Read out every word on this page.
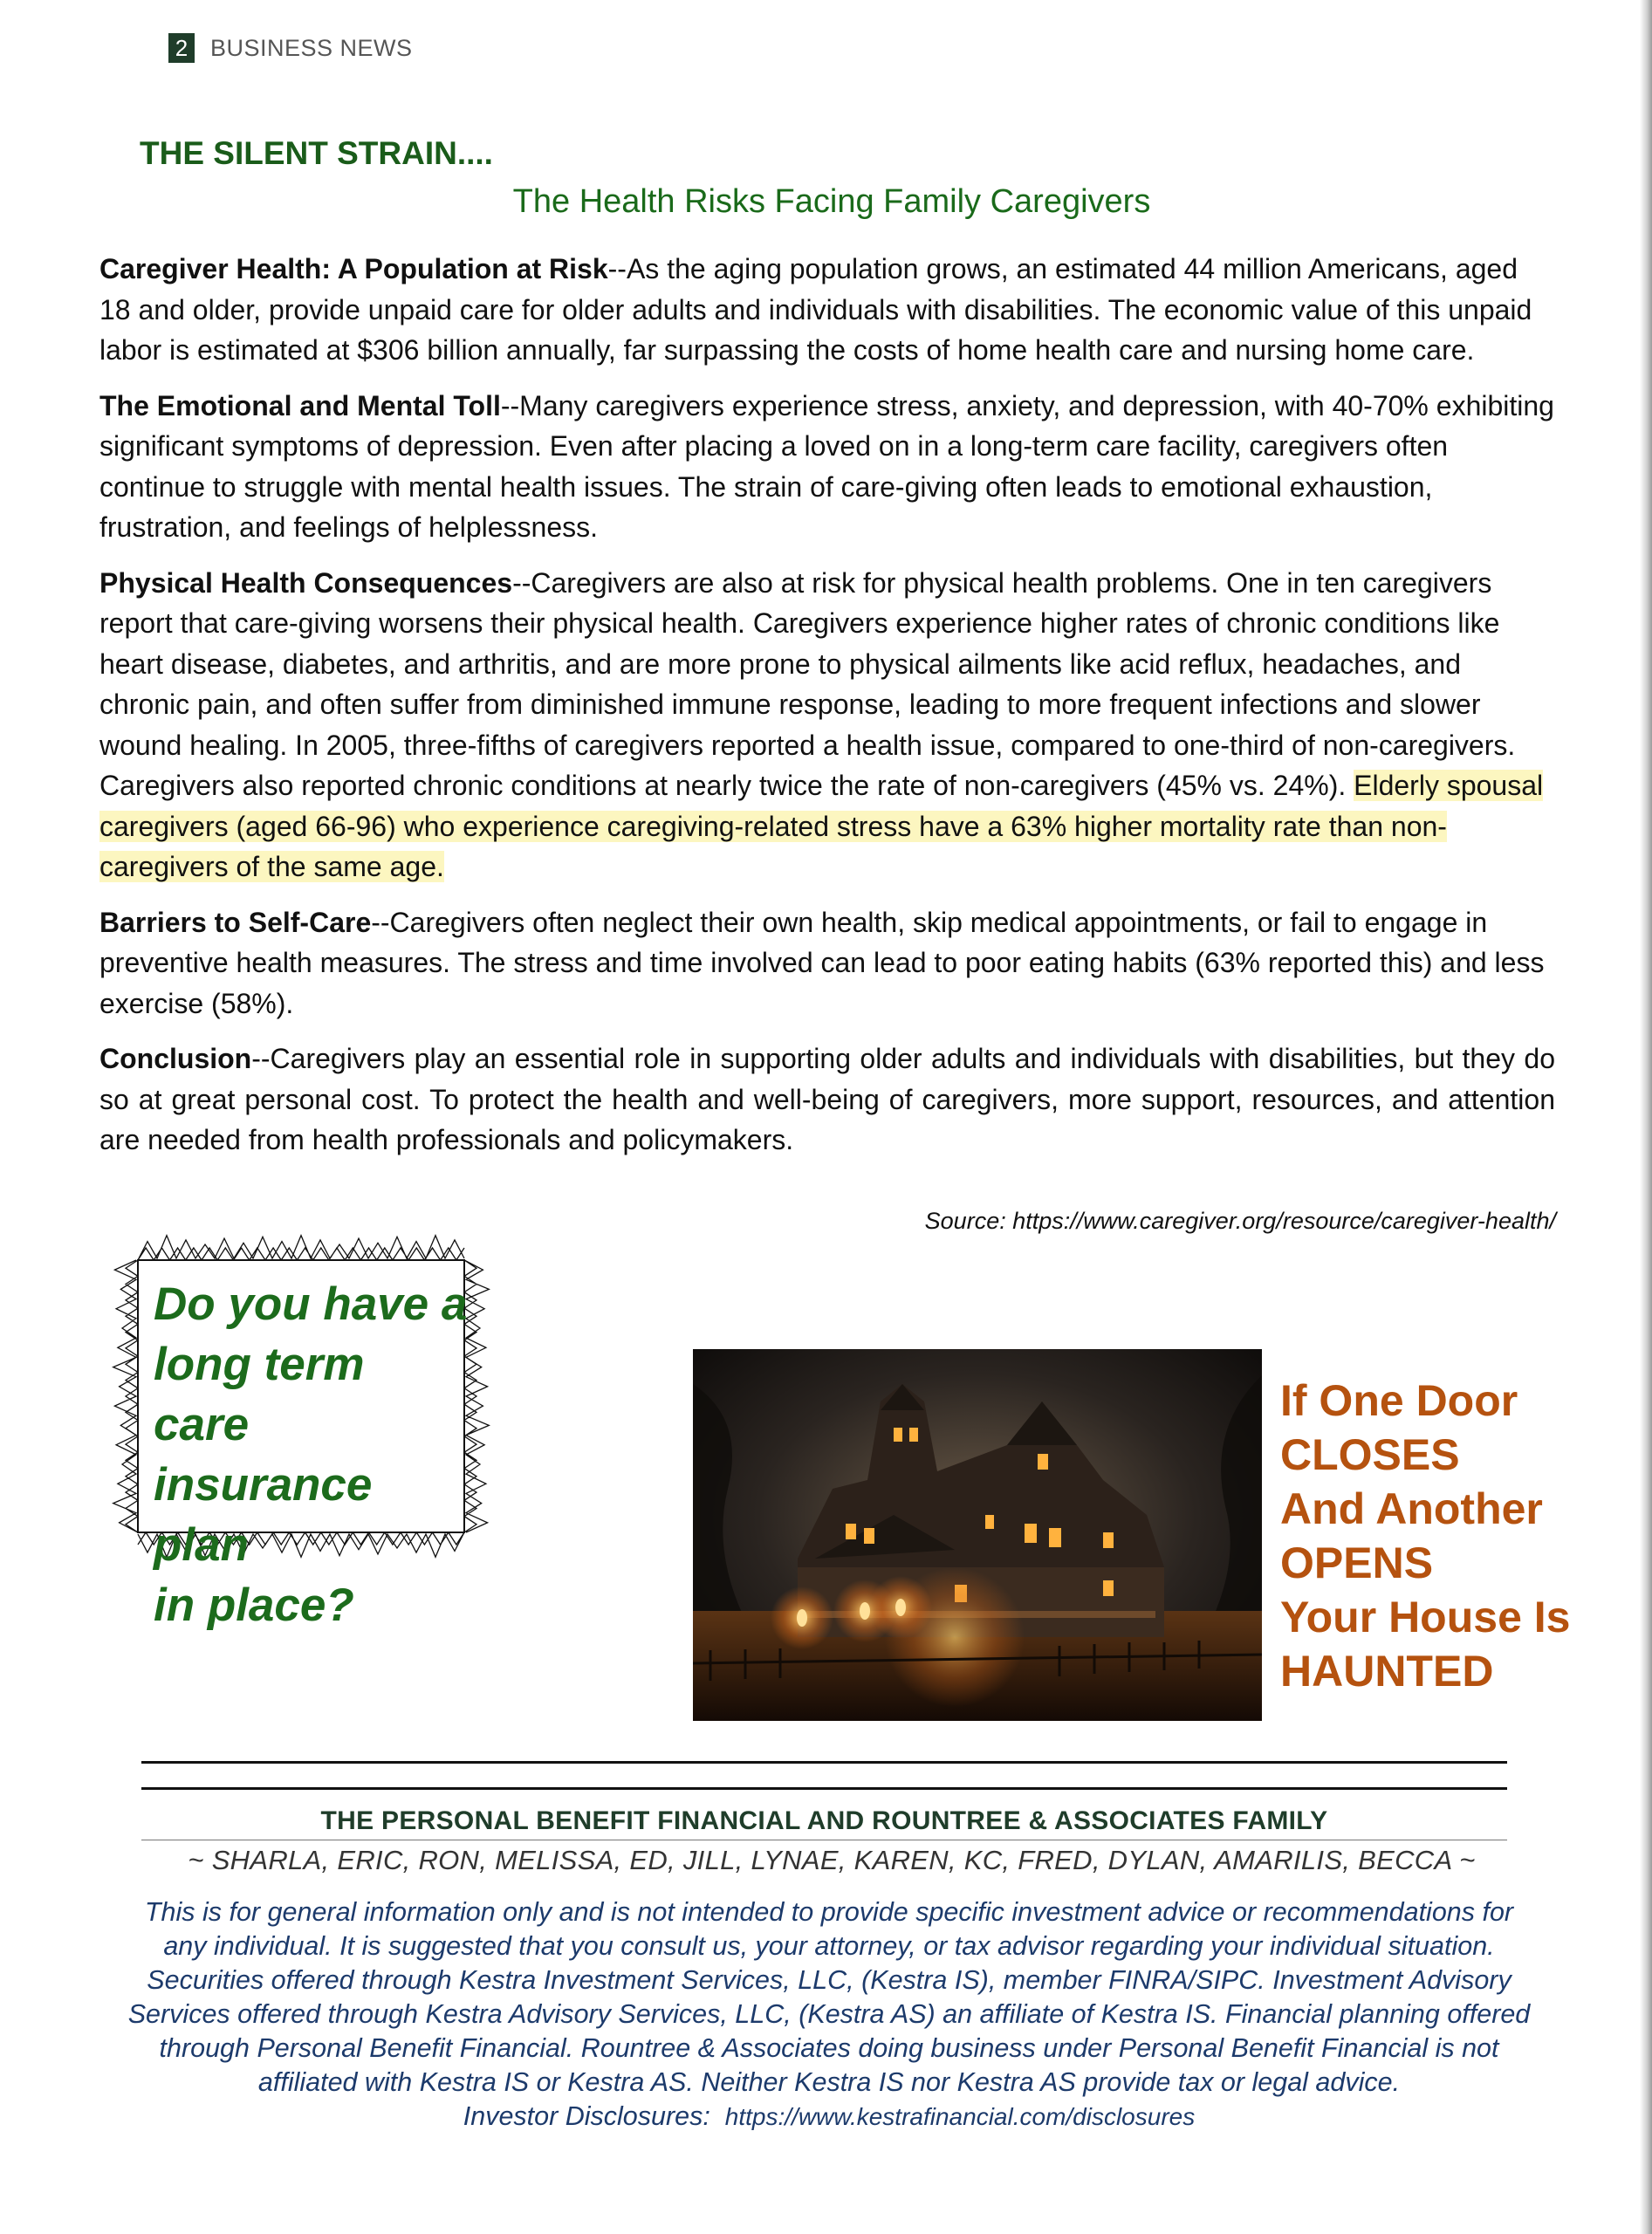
2 BUSINESS NEWS
THE SILENT STRAIN....
The Health Risks Facing Family Caregivers

Caregiver Health: A Population at Risk--As the aging population grows, an estimated 44 million Americans, aged 18 and older, provide unpaid care for older adults and individuals with disabilities. The economic value of this unpaid labor is estimated at $306 billion annually, far surpassing the costs of home health care and nursing home care.

The Emotional and Mental Toll--Many caregivers experience stress, anxiety, and depression, with 40-70% exhibiting significant symptoms of depression. Even after placing a loved on in a long-term care facility, caregivers often continue to struggle with mental health issues. The strain of care-giving often leads to emotional exhaustion, frustration, and feelings of helplessness.

Physical Health Consequences--Caregivers are also at risk for physical health problems. One in ten caregivers report that care-giving worsens their physical health. Caregivers experience higher rates of chronic conditions like heart disease, diabetes, and arthritis, and are more prone to physical ailments like acid reflux, headaches, and chronic pain, and often suffer from diminished immune response, leading to more frequent infections and slower wound healing. In 2005, three-fifths of caregivers reported a health issue, compared to one-third of non-caregivers. Caregivers also reported chronic conditions at nearly twice the rate of non-caregivers (45% vs. 24%). Elderly spousal caregivers (aged 66-96) who experience caregiving-related stress have a 63% higher mortality rate than non-caregivers of the same age.

Barriers to Self-Care--Caregivers often neglect their own health, skip medical appointments, or fail to engage in preventive health measures. The stress and time involved can lead to poor eating habits (63% reported this) and less exercise (58%).

Conclusion--Caregivers play an essential role in supporting older adults and individuals with disabilities, but they do so at great personal cost. To protect the health and well-being of caregivers, more support, resources, and attention are needed from health professionals and policymakers.

Source: https://www.caregiver.org/resource/caregiver-health/
Do you have a
long term care
insurance plan
in place?
If One Door
CLOSES
And Another
OPENS
Your House Is
HAUNTED
THE PERSONAL BENEFIT FINANCIAL AND ROUNTREE & ASSOCIATES FAMILY
~ SHARLA, ERIC, RON, MELISSA, ED, JILL, LYNAE, KAREN, KC, FRED, DYLAN, AMARILIS, BECCA ~
This is for general information only and is not intended to provide specific investment advice or recommendations for
any individual. It is suggested that you consult us, your attorney, or tax advisor regarding your individual situation.
Securities offered through Kestra Investment Services, LLC, (Kestra IS), member FINRA/SIPC. Investment Advisory
Services offered through Kestra Advisory Services, LLC, (Kestra AS) an affiliate of Kestra IS. Financial planning offered
through Personal Benefit Financial. Rountree & Associates doing business under Personal Benefit Financial is not
affiliated with Kestra IS or Kestra AS. Neither Kestra IS nor Kestra AS provide tax or legal advice.
Investor Disclosures: https://www.kestrafinancial.com/disclosures
